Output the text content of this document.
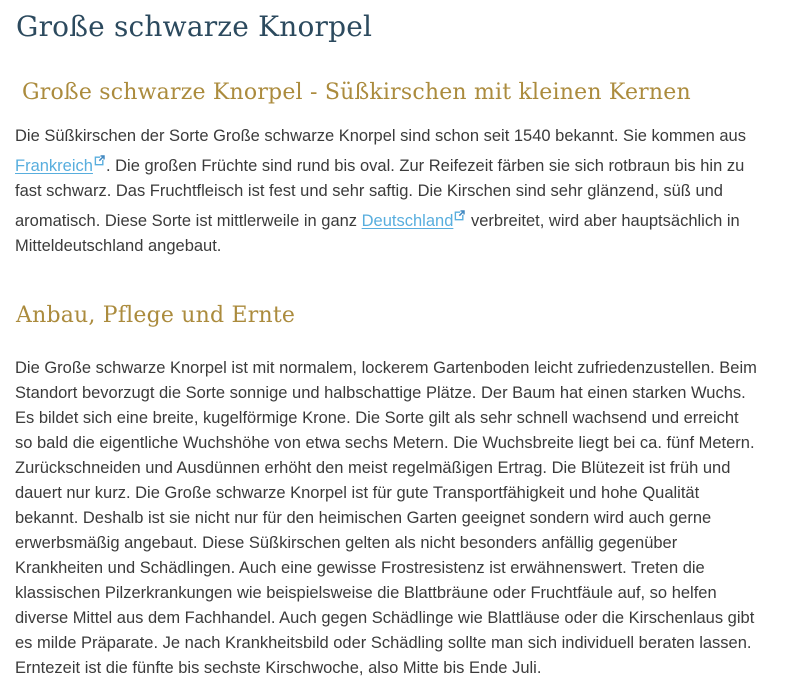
Große schwarze Knorpel
Große schwarze Knorpel - Süßkirschen mit kleinen Kernen

Die Süßkirschen der Sorte Große schwarze Knorpel sind schon seit 1540 bekannt. Sie kommen aus Frankreich . Die großen Früchte sind rund bis oval. Zur Reifezeit färben sie sich rotbraun bis hin zu fast schwarz. Das Fruchtfleisch ist fest und sehr saftig. Die Kirschen sind sehr glänzend, süß und aromatisch. Diese Sorte ist mittlerweile in ganz Deutschland verbreitet, wird aber hauptsächlich in Mitteldeutschland angebaut.

Anbau, Pflege und Ernte

Die Große schwarze Knorpel ist mit normalem, lockerem Gartenboden leicht zufriedenzustellen. Beim Standort bevorzugt die Sorte sonnige und halbschattige Plätze. Der Baum hat einen starken Wuchs. Es bildet sich eine breite, kugelförmige Krone. Die Sorte gilt als sehr schnell wachsend und erreicht so bald die eigentliche Wuchshöhe von etwa sechs Metern. Die Wuchsbreite liegt bei ca. fünf Metern. Zurückschneiden und Ausdünnen erhöht den meist regelmäßigen Ertrag. Die Blütezeit ist früh und dauert nur kurz. Die Große schwarze Knorpel ist für gute Transportfähigkeit und hohe Qualität bekannt. Deshalb ist sie nicht nur für den heimischen Garten geeignet sondern wird auch gerne erwerbsmäßig angebaut. Diese Süßkirschen gelten als nicht besonders anfällig gegenüber Krankheiten und Schädlingen. Auch eine gewisse Frostresistenz ist erwähnenswert. Treten die klassischen Pilzerkrankungen wie beispielsweise die Blattbräune oder Fruchtfäule auf, so helfen diverse Mittel aus dem Fachhandel. Auch gegen Schädlinge wie Blattläuse oder die Kirschenlaus gibt es milde Präparate. Je nach Krankheitsbild oder Schädling sollte man sich individuell beraten lassen. Erntezeit ist die fünfte bis sechste Kirschwoche, also Mitte bis Ende Juli.
